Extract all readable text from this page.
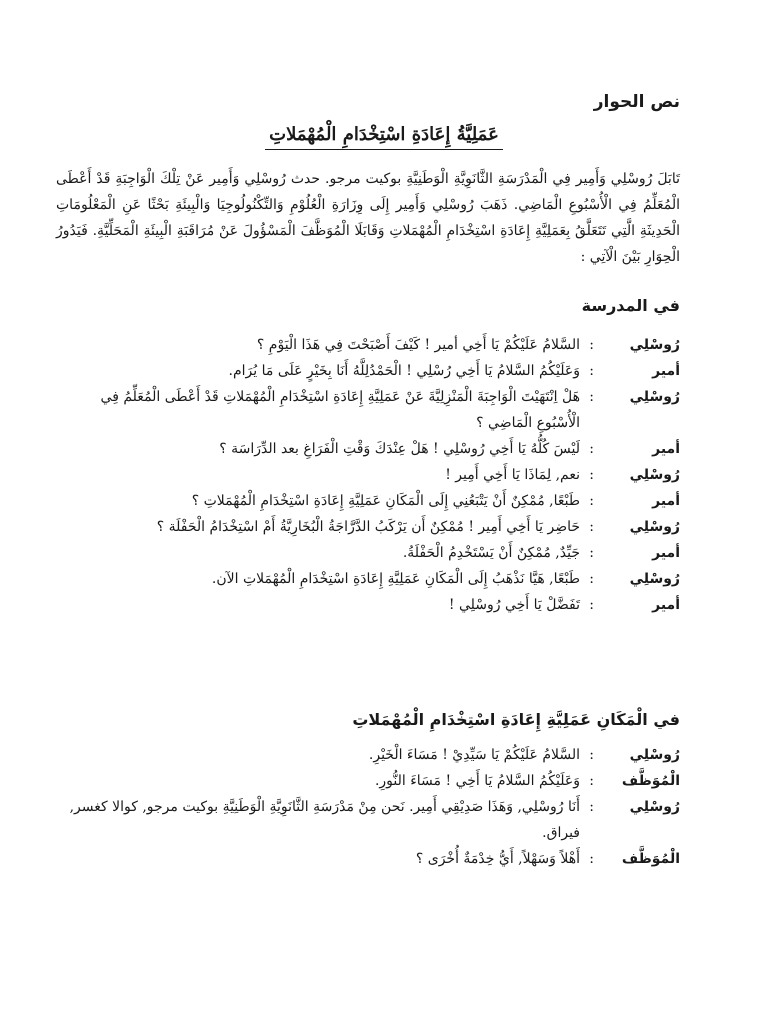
نص الحوار
عَمَلِيَّةُ إِعَادَةِ اسْتِخْدَامِ الْمُهْمَلاتِ
تَابَلَ رُوسْلِي وَأَمِير فِي الْمَدْرَسَةِ الثَّانَوِيَّةِ الْوَطَنِيَّةِ بوكيت مرجو. حدث رُوسْلِي وَأَمِير عَنْ تِلْكَ الْوَاجِبَةِ قَدْ أَعْطَى الْمُعَلِّمُ فِي الْأُسْبُوعِ الْمَاضِي. ذَهَبَ رُوسْلِي وَأَمِير إِلَى وِزَارَةِ الْعُلُوْمِ وَالتِّكْنُولُوجِيَا وَالْبِيئَةِ بَحْثًا عَنِ الْمَعْلُومَاتِ الْحَدِيثَةِ الَّتِي تَتَعَلَّقُ بِعَمَلِيَّةِ إِعَادَةِ اسْتِخْدَامِ الْمُهْمَلاتِ وَقَابَلَا الْمُوَظَّفَ الْمَسْؤُولَ عَنْ مُرَاقَبَةِ الْبِيئَةِ الْمَحَلِّيَّةِ. فَيَدُورُ الْحِوَارِ بَيْنَ الْآتِي :
في المدرسة
رُوسْلِي
:
السَّلامُ عَلَيْكُمْ يَا أَخِي أمير ! كَيْفَ أَصْبَحْتَ فِي هَذَا الْيَوْمِ ؟
أمير
:
وَعَلَيْكُمُ السَّلامُ يَا أَخِي رُسْلِي ! الْحَمْدُلِلَّهُ أَنَا بِخَيْرٍ عَلَى مَا يُرَام.
رُوسْلِي
:
هَلْ اِنْتَهَيْتَ الْوَاجِبَةَ الْمَنْزِلِيَّةَ عَنْ عَمَلِيَّةِ إِعَادَةِ اسْتِخْدَامِ الْمُهْمَلاتِ قَدْ أَعْطَى الْمُعَلِّمُ فِي الْأُسْبُوعِ الْمَاضِي ؟
أمير
:
لَيْسَ كُلُّهُ يَا أَخِي رُوسْلِي ! هَلْ عِنْدَكَ وَقْتِ الْفَرَاغِ بعد الدِّرَاسَة ؟
رُوسْلِي
:
نعم, لِمَاذَا يَا أَخِي أَمِير !
أمير
:
طَبْعًا, مُمْكِنٌ أَنْ يَتْبَعُنِي إِلَى الْمَكَانِ عَمَلِيَّةِ إِعَادَةِ اسْتِخْدَامِ الْمُهْمَلاتِ ؟
رُوسْلِي
:
حَاضِر يَا أَخِي أَمِير ! مُمْكِنٌ أَن يَرْكَبُ الدَّرَّاجَةُ الْبُخَارِيَّةُ أَمْ اسْتِخْدَامُ الْحَفْلَة ؟
أمير
:
جَيِّدٌ, مُمْكِنٌ أَنْ يَسْتَخْدِمُ الْحَفْلَةُ.
رُوسْلِي
:
طَبْعًا, هَيَّا نَذْهَبُ إِلَى الْمَكَانِ عَمَلِيَّةِ إِعَادَةِ اسْتِخْدَامِ الْمُهْمَلاتِ الآن.
أمير
:
تَفَضَّلْ يَا أَخِي رُوسْلِي !
في الْمَكَانِ عَمَلِيَّةِ إِعَادَةِ اسْتِخْدَامِ الْمُهْمَلاتِ
رُوسْلِي
:
السَّلامُ عَلَيْكُمْ يَا سَيِّدِيْ ! مَسَاءَ الْخَيْرِ.
الْمُوَظَّف
:
وَعَلَيْكُمُ السَّلامُ يَا أَخِي ! مَسَاءَ النُّورِ.
رُوسْلِي
:
أَنَا رُوسْلِي, وَهَذَا صَدِيْقِي أَمِير. نَحن مِنْ مَدْرَسَةِ الثَّانَوِيَّةِ الْوَطَنِيَّةِ بوكيت مرجو, كوالا كغسر, فيراق.
الْمُوَظَّف
:
أَهْلاً وَسَهْلاً, أَيُّ خِدْمَةٌ أُخْرَى ؟
